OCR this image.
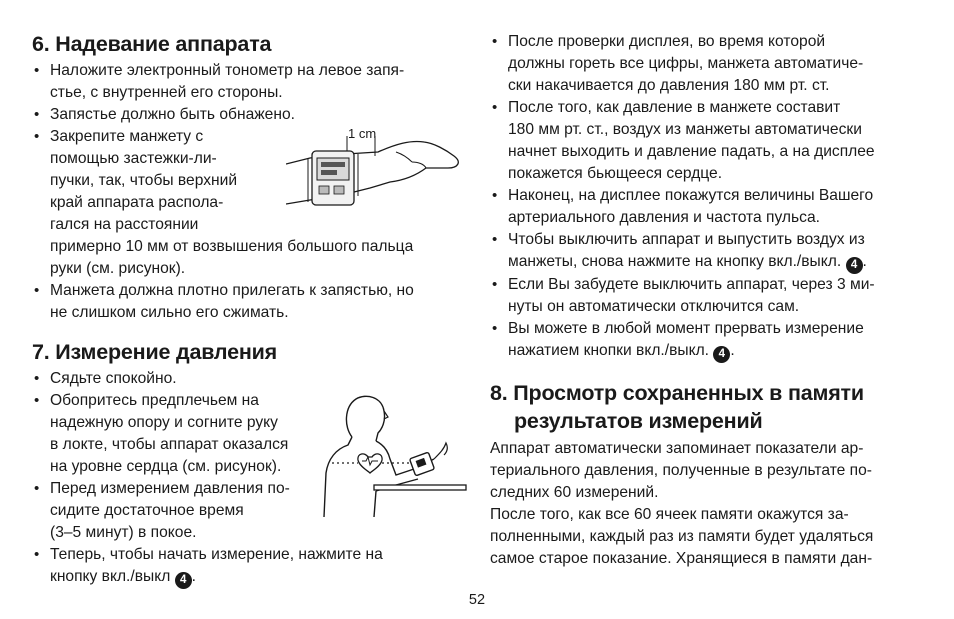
6. Надевание аппарата
• Наложите электронный тонометр на левое запя-
стье, с внутренней его стороны.
• Запястье должно быть обнажено.
• Закрепите манжету с
помощью застежки-ли-
пучки, так, чтобы верхний
край аппарата распола-
гался на расстоянии
примерно 10 мм от возвышения большого пальца
руки (см. рисунок).
• Манжета должна плотно прилегать к запястью, но
не слишком сильно его сжимать.
7. Измерение давления
• Сядьте спокойно.
• Обопритесь предплечьем на
надежную опору и согните руку
в локте, чтобы аппарат оказался
на уровне сердца (см. рисунок).
• Перед измерением давления по-
сидите достаточное время
(3–5 минут) в покое.
• Теперь, чтобы начать измерение, нажмите на
кнопку вкл./выкл 4 .
1 cm
• После проверки дисплея, во время которой
должны гореть все цифры, манжета автоматиче-
ски накачивается до давления 180 мм рт. ст.
• После того, как давление в манжете составит
180 мм рт. ст., воздух из манжеты автоматически
начнет выходить и давление падать, а на дисплее
покажется бьющееся сердце.
• Наконец, на дисплее покажутся величины Вашего
артериального давления и частота пульса.
• Чтобы выключить аппарат и выпустить воздух из
манжеты, снова нажмите на кнопку вкл./выкл. 4 .
• Если Вы забудете выключить аппарат, через 3 ми-
нуты он автоматически отключится сам.
• Вы можете в любой момент прервать измерение
нажатием кнопки вкл./выкл. 4 .
8. Просмотр сохраненных в памяти
результатов измерений

Аппарат автоматически запоминает показатели ар-
териального давления, полученные в результате по-
следних 60 измерений.

После того, как все 60 ячеек памяти окажутся за-
полненными, каждый раз из памяти будет удаляться
самое старое показание. Хранящиеся в памяти дан-

52
